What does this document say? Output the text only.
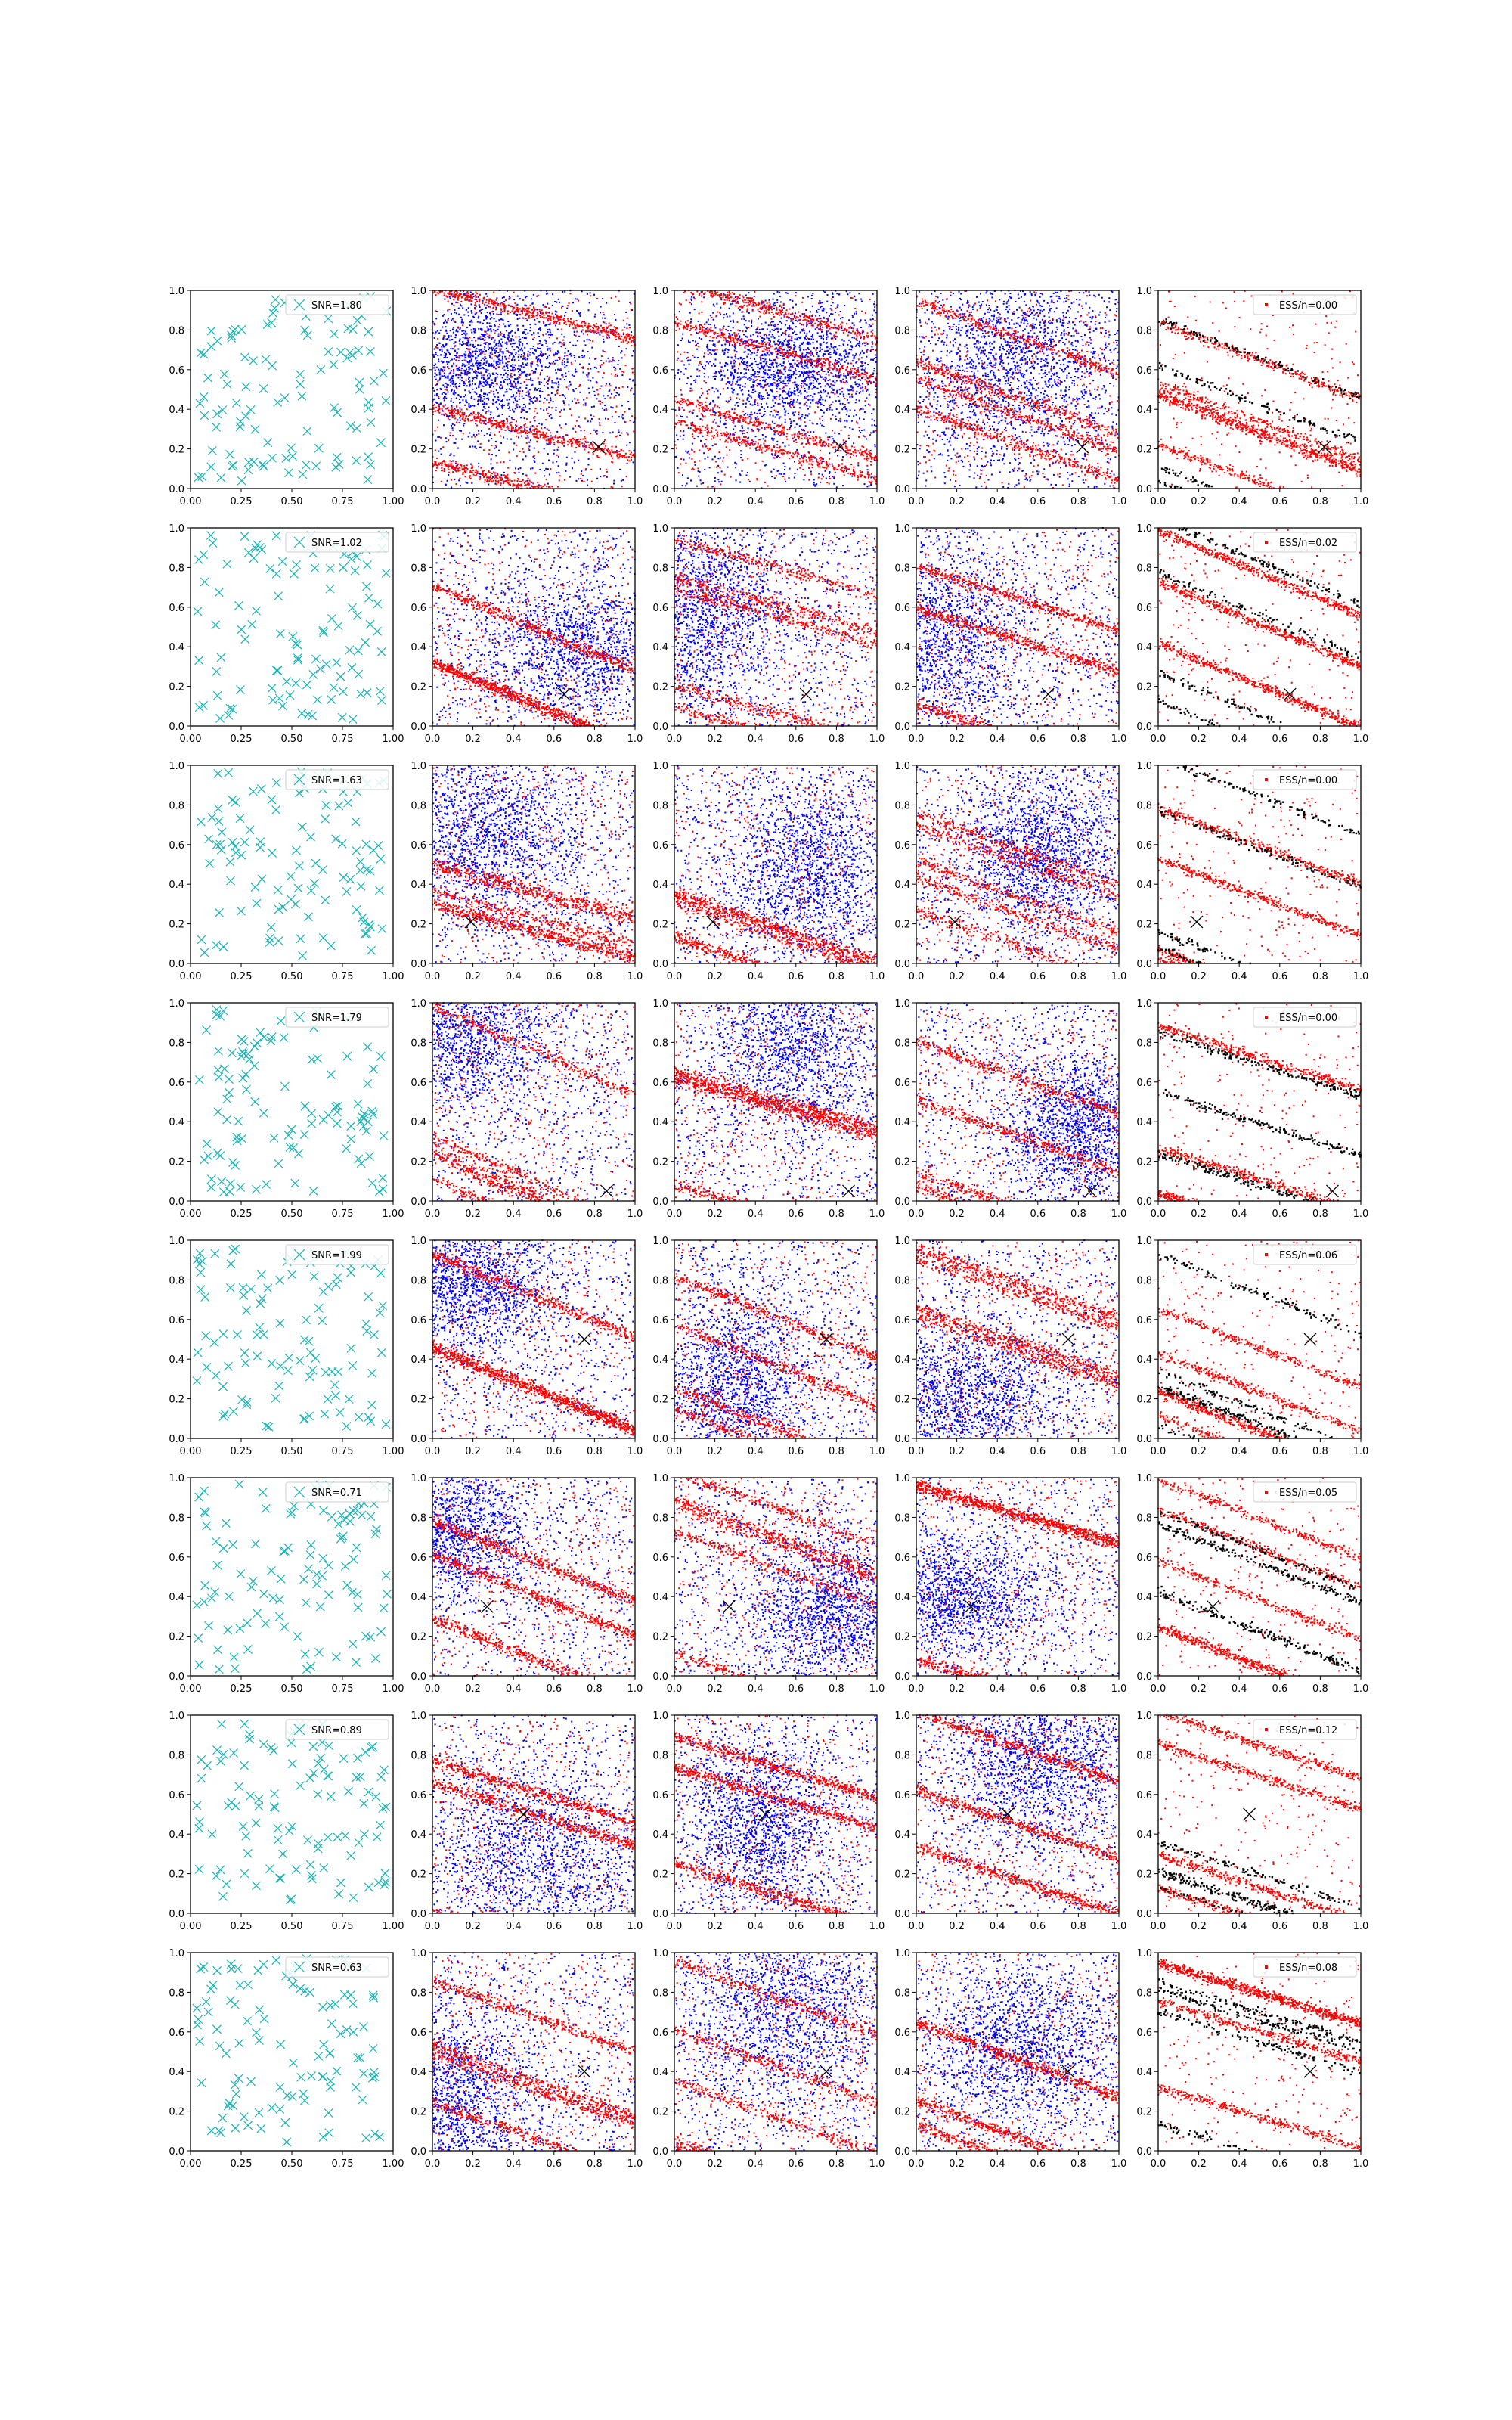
0.00	0.25	0.50	0.75	1.00
0.0
0.2
0.4
0.6
0.8
1.0
SNR=1.80
0.0	0.2	0.4	0.6	0.8	1.0
0.0
0.2
0.4
0.6
0.8
1.0
0.0	0.2	0.4	0.6	0.8	1.0
0.0
0.2
0.4
0.6
0.8
1.0
0.0	0.2	0.4	0.6	0.8	1.0
0.0
0.2
0.4
0.6
0.8
1.0
0.0	0.2	0.4	0.6	0.8	1.0
0.0
0.2
0.4
0.6
0.8
1.0
ESS/n=0.00
0.00	0.25	0.50	0.75	1.00
0.0
0.2
0.4
0.6
0.8
1.0
SNR=1.02
0.0	0.2	0.4	0.6	0.8	1.0
0.0
0.2
0.4
0.6
0.8
1.0
0.0	0.2	0.4	0.6	0.8	1.0
0.0
0.2
0.4
0.6
0.8
1.0
0.0	0.2	0.4	0.6	0.8	1.0
0.0
0.2
0.4
0.6
0.8
1.0
0.0	0.2	0.4	0.6	0.8	1.0
0.0
0.2
0.4
0.6
0.8
1.0
ESS/n=0.02
0.00	0.25	0.50	0.75	1.00
0.0
0.2
0.4
0.6
0.8
1.0
SNR=1.63
0.0	0.2	0.4	0.6	0.8	1.0
0.0
0.2
0.4
0.6
0.8
1.0
0.0	0.2	0.4	0.6	0.8	1.0
0.0
0.2
0.4
0.6
0.8
1.0
0.0	0.2	0.4	0.6	0.8	1.0
0.0
0.2
0.4
0.6
0.8
1.0
0.0	0.2	0.4	0.6	0.8	1.0
0.0
0.2
0.4
0.6
0.8
1.0
ESS/n=0.00
0.00	0.25	0.50	0.75	1.00
0.0
0.2
0.4
0.6
0.8
1.0
SNR=1.79
0.0	0.2	0.4	0.6	0.8	1.0
0.0
0.2
0.4
0.6
0.8
1.0
0.0	0.2	0.4	0.6	0.8	1.0
0.0
0.2
0.4
0.6
0.8
1.0
0.0	0.2	0.4	0.6	0.8	1.0
0.0
0.2
0.4
0.6
0.8
1.0
0.0	0.2	0.4	0.6	0.8	1.0
0.0
0.2
0.4
0.6
0.8
1.0
ESS/n=0.00
0.00	0.25	0.50	0.75	1.00
0.0
0.2
0.4
0.6
0.8
1.0
SNR=1.99
0.0	0.2	0.4	0.6	0.8	1.0
0.0
0.2
0.4
0.6
0.8
1.0
0.0	0.2	0.4	0.6	0.8	1.0
0.0
0.2
0.4
0.6
0.8
1.0
0.0	0.2	0.4	0.6	0.8	1.0
0.0
0.2
0.4
0.6
0.8
1.0
0.0	0.2	0.4	0.6	0.8	1.0
0.0
0.2
0.4
0.6
0.8
1.0
ESS/n=0.06
0.00	0.25	0.50	0.75	1.00
0.0
0.2
0.4
0.6
0.8
1.0
SNR=0.71
0.0	0.2	0.4	0.6	0.8	1.0
0.0
0.2
0.4
0.6
0.8
1.0
0.0	0.2	0.4	0.6	0.8	1.0
0.0
0.2
0.4
0.6
0.8
1.0
0.0	0.2	0.4	0.6	0.8	1.0
0.0
0.2
0.4
0.6
0.8
1.0
0.0	0.2	0.4	0.6	0.8	1.0
0.0
0.2
0.4
0.6
0.8
1.0
ESS/n=0.05
0.00	0.25	0.50	0.75	1.00
0.0
0.2
0.4
0.6
0.8
1.0
SNR=0.89
0.0	0.2	0.4	0.6	0.8	1.0
0.0
0.2
0.4
0.6
0.8
1.0
0.0	0.2	0.4	0.6	0.8	1.0
0.0
0.2
0.4
0.6
0.8
1.0
0.0	0.2	0.4	0.6	0.8	1.0
0.0
0.2
0.4
0.6
0.8
1.0
0.0	0.2	0.4	0.6	0.8	1.0
0.0
0.2
0.4
0.6
0.8
1.0
ESS/n=0.12
0.00	0.25	0.50	0.75	1.00
0.0
0.2
0.4
0.6
0.8
1.0
SNR=0.63
0.0	0.2	0.4	0.6	0.8	1.0
0.0
0.2
0.4
0.6
0.8
1.0
0.0	0.2	0.4	0.6	0.8	1.0
0.0
0.2
0.4
0.6
0.8
1.0
0.0	0.2	0.4	0.6	0.8	1.0
0.0
0.2
0.4
0.6
0.8
1.0
0.0	0.2	0.4	0.6	0.8	1.0
0.0
0.2
0.4
0.6
0.8
1.0
ESS/n=0.08
